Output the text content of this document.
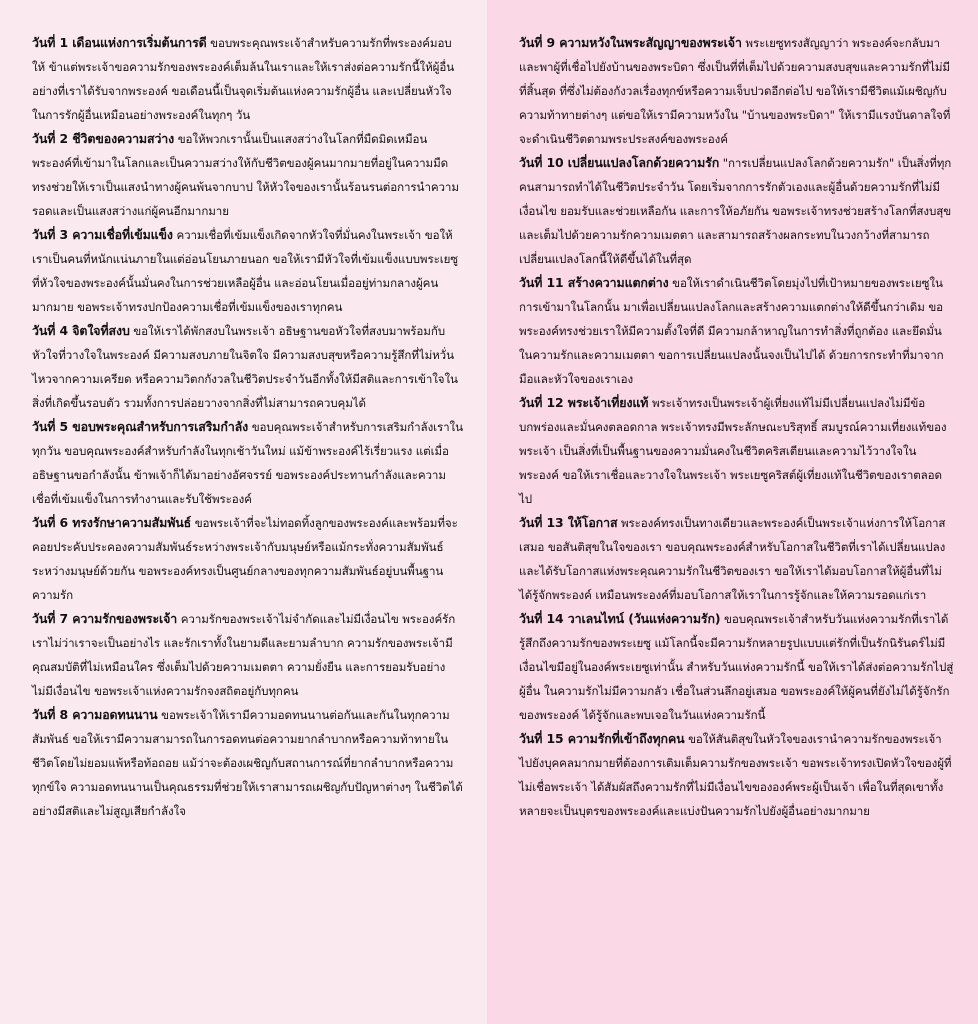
วันที่ 1 เดือนแห่งการเริ่มต้นการดี ขอบพระคุณพระเจ้าสำหรับความรักที่พระองค์มอบให้ ข้าแต่พระเจ้าขอความรักของพระองค์เต็มล้นในเราและให้เราส่งต่อความรักนี้ให้ผู้อื่นอย่างที่เราได้รับจากพระองค์ ขอเดือนนี้เป็นจุดเริ่มต้นแห่งความรักผู้อื่น และเปลี่ยนหัวใจในการรักผู้อื่นเหมือนอย่างพระองค์ในทุกๆ วัน

วันที่ 2 ชีวิตของความสว่าง ขอให้พวกเรานั้นเป็นแสงสว่างในโลกที่มืดมิดเหมือนพระองค์ที่เข้ามาในโลกและเป็นความสว่างให้กับชีวิตของผู้คนมากมายที่อยู่ในความมืด ทรงช่วยให้เราเป็นแสงนำทางผู้คนพ้นจากบาป ให้หัวใจของเรานั้นร้อนรนต่อการนำความรอดและเป็นแสงสว่างแก่ผู้คนอีกมากมาย

วันที่ 3 ความเชื่อที่เข้มแข็ง ความเชื่อที่เข้มแข็งเกิดจากหัวใจที่มั่นคงในพระเจ้า ขอให้เราเป็นคนที่หนักแน่นภายในแต่อ่อนโยนภายนอก ขอให้เรามีหัวใจที่เข้มแข็งแบบพระเยซูที่หัวใจของพระองค์นั้นมั่นคงในการช่วยเหลือผู้อื่น และอ่อนโยนเมื่ออยู่ท่ามกลางผู้คนมากมาย ขอพระเจ้าทรงปกป้องความเชื่อที่เข้มแข็งของเราทุกคน

วันที่ 4 จิตใจที่สงบ ขอให้เราได้พักสงบในพระเจ้า อธิษฐานขอหัวใจที่สงบมาพร้อมกับหัวใจที่วางใจในพระองค์ มีความสงบภายในจิตใจ มีความสงบสุขหรือความรู้สึกที่ไม่หวั่นไหวจากความเครียด หรือความวิตกกังวลในชีวิตประจำวันอีกทั้งให้มีสติและการเข้าใจในสิ่งที่เกิดขึ้นรอบตัว รวมทั้งการปล่อยวางจากสิ่งที่ไม่สามารถควบคุมได้

วันที่ 5 ขอบพระคุณสำหรับการเสริมกำลัง ขอบคุณพระเจ้าสำหรับการเสริมกำลังเราในทุกวัน ขอบคุณพระองค์สำหรับกำลังในทุกเช้าวันใหม่ แม้ข้าพระองค์ไร้เรี่ยวแรง แต่เมื่ออธิษฐานขอกำลังนั้น ข้าพเจ้าก็ได้มาอย่างอัศจรรย์ ขอพระองค์ประทานกำลังและความเชื่อที่เข้มแข็งในการทำงานและรับใช้พระองค์

วันที่ 6 ทรงรักษาความสัมพันธ์ ขอพระเจ้าที่จะไม่ทอดทิ้งลูกของพระองค์และพร้อมที่จะคอยประคับประคองความสัมพันธ์ระหว่างพระเจ้ากับมนุษย์หรือแม้กระทั่งความสัมพันธ์ระหว่างมนุษย์ด้วยกัน ขอพระองค์ทรงเป็นศูนย์กลางของทุกความสัมพันธ์อยู่บนพื้นฐานความรัก

วันที่ 7 ความรักของพระเจ้า ความรักของพระเจ้าไม่จำกัดและไม่มีเงื่อนไข พระองค์รักเราไม่ว่าเราจะเป็นอย่างไร และรักเราทั้งในยามดีและยามลำบาก ความรักของพระเจ้ามีคุณสมบัติที่ไม่เหมือนใคร ซึ่งเต็มไปด้วยความเมตตา ความยั่งยืน และการยอมรับอย่างไม่มีเงื่อนไข ขอพระเจ้าแห่งความรักจงสถิตอยู่กับทุกคน

วันที่ 8 ความอดทนนาน ขอพระเจ้าให้เรามีความอดทนนานต่อกันและกันในทุกความสัมพันธ์ ขอให้เรามีความสามารถในการอดทนต่อความยากลำบากหรือความท้าทายในชีวิตโดยไม่ยอมแพ้หรือท้อถอย แม้ว่าจะต้องเผชิญกับสถานการณ์ที่ยากลำบากหรือความทุกข์ใจ ความอดทนนานเป็นคุณธรรมที่ช่วยให้เราสามารถเผชิญกับปัญหาต่างๆ ในชีวิตได้อย่างมีสติและไม่สูญเสียกำลังใจ

วันที่ 9 ความหวังในพระสัญญาของพระเจ้า พระเยซูทรงสัญญาว่า พระองค์จะกลับมาและพาผู้ที่เชื่อไปยังบ้านของพระบิดา ซึ่งเป็นที่ที่เต็มไปด้วยความสงบสุขและความรักที่ไม่มีที่สิ้นสุด ที่ซึ่งไม่ต้องกังวลเรื่องทุกข์หรือความเจ็บปวดอีกต่อไป ขอให้เรามีชีวิตแม้เผชิญกับความท้าทายต่างๆ แต่ขอให้เรามีความหวังใน "บ้านของพระบิดา" ให้เรามีแรงบันดาลใจที่จะดำเนินชีวิตตามพระประสงค์ของพระองค์

วันที่ 10 เปลี่ยนแปลงโลกด้วยความรัก "การเปลี่ยนแปลงโลกด้วยความรัก" เป็นสิ่งที่ทุกคนสามารถทำได้ในชีวิตประจำวัน โดยเริ่มจากการรักตัวเองและผู้อื่นด้วยความรักที่ไม่มีเงื่อนไข ยอมรับและช่วยเหลือกัน และการให้อภัยกัน ขอพระเจ้าทรงช่วยสร้างโลกที่สงบสุขและเต็มไปด้วยความรักความเมตตา และสามารถสร้างผลกระทบในวงกว้างที่สามารถเปลี่ยนแปลงโลกนี้ให้ดีขึ้นได้ในที่สุด

วันที่ 11 สร้างความแตกต่าง ขอให้เราดำเนินชีวิตโดยมุ่งไปที่เป้าหมายของพระเยซูในการเข้ามาในโลกนั้น มาเพื่อเปลี่ยนแปลงโลกและสร้างความแตกต่างให้ดีขึ้นกว่าเดิม ขอพระองค์ทรงช่วยเราให้มีความตั้งใจที่ดี มีความกล้าหาญในการทำสิ่งที่ถูกต้อง และยึดมั่นในความรักและความเมตตา ขอการเปลี่ยนแปลงนั้นจงเป็นไปได้ ด้วยการกระทำที่มาจากมือและหัวใจของเราเอง

วันที่ 12 พระเจ้าเที่ยงแท้ พระเจ้าทรงเป็นพระเจ้าผู้เที่ยงแท้ไม่มีเปลี่ยนแปลงไม่มีข้อบกพร่องและมั่นคงตลอดกาล พระเจ้าทรงมีพระลักษณะบริสุทธิ์ สมบูรณ์ความเที่ยงแท้ของพระเจ้า เป็นสิ่งที่เป็นพื้นฐานของความมั่นคงในชีวิตคริสเตียนและความไว้วางใจในพระองค์ ขอให้เราเชื่อและวางใจในพระเจ้า พระเยซูคริสต์ผู้เที่ยงแท้ในชีวิตของเราตลอดไป

วันที่ 13 ให้โอกาส พระองค์ทรงเป็นทางเดียวและพระองค์เป็นพระเจ้าแห่งการให้โอกาสเสมอ ขอสันติสุขในใจของเรา ขอบคุณพระองค์สำหรับโอกาสในชีวิตที่เราได้เปลี่ยนแปลงและได้รับโอกาสแห่งพระคุณความรักในชีวิตของเรา ขอให้เราได้มอบโอกาสให้ผู้อื่นที่ไม่ได้รู้จักพระองค์ เหมือนพระองค์ที่มอบโอกาสให้เราในการรู้จักและให้ความรอดแก่เรา

วันที่ 14 วาเลนไทน์ (วันแห่งความรัก) ขอบคุณพระเจ้าสำหรับวันแห่งความรักที่เราได้รู้สึกถึงความรักของพระเยซู แม้โลกนี้จะมีความรักหลายรูปแบบแต่รักที่เป็นรักนิรันดร์ไม่มีเงื่อนไขมีอยู่ในองค์พระเยซูเท่านั้น สำหรับวันแห่งความรักนี้ ขอให้เราได้ส่งต่อความรักไปสู่ผู้อื่น ในความรักไม่มีความกลัว เชื่อในส่วนลึกอยู่เสมอ ขอพระองค์ให้ผู้คนที่ยังไม่ได้รู้จักรักของพระองค์ ได้รู้จักและพบเจอในวันแห่งความรักนี้

วันที่ 15 ความรักที่เข้าถึงทุกคน ขอให้สันติสุขในหัวใจของเรานำความรักของพระเจ้าไปยังบุคคลมากมายที่ต้องการเติมเต็มความรักของพระเจ้า ขอพระเจ้าทรงเปิดหัวใจของผู้ที่ไม่เชื่อพระเจ้า ได้สัมผัสถึงความรักที่ไม่มีเงื่อนไขขององค์พระผู้เป็นเจ้า เพื่อในที่สุดเขาทั้งหลายจะเป็นบุตรของพระองค์และแบ่งปันความรักไปยังผู้อื่นอย่างมากมาย
